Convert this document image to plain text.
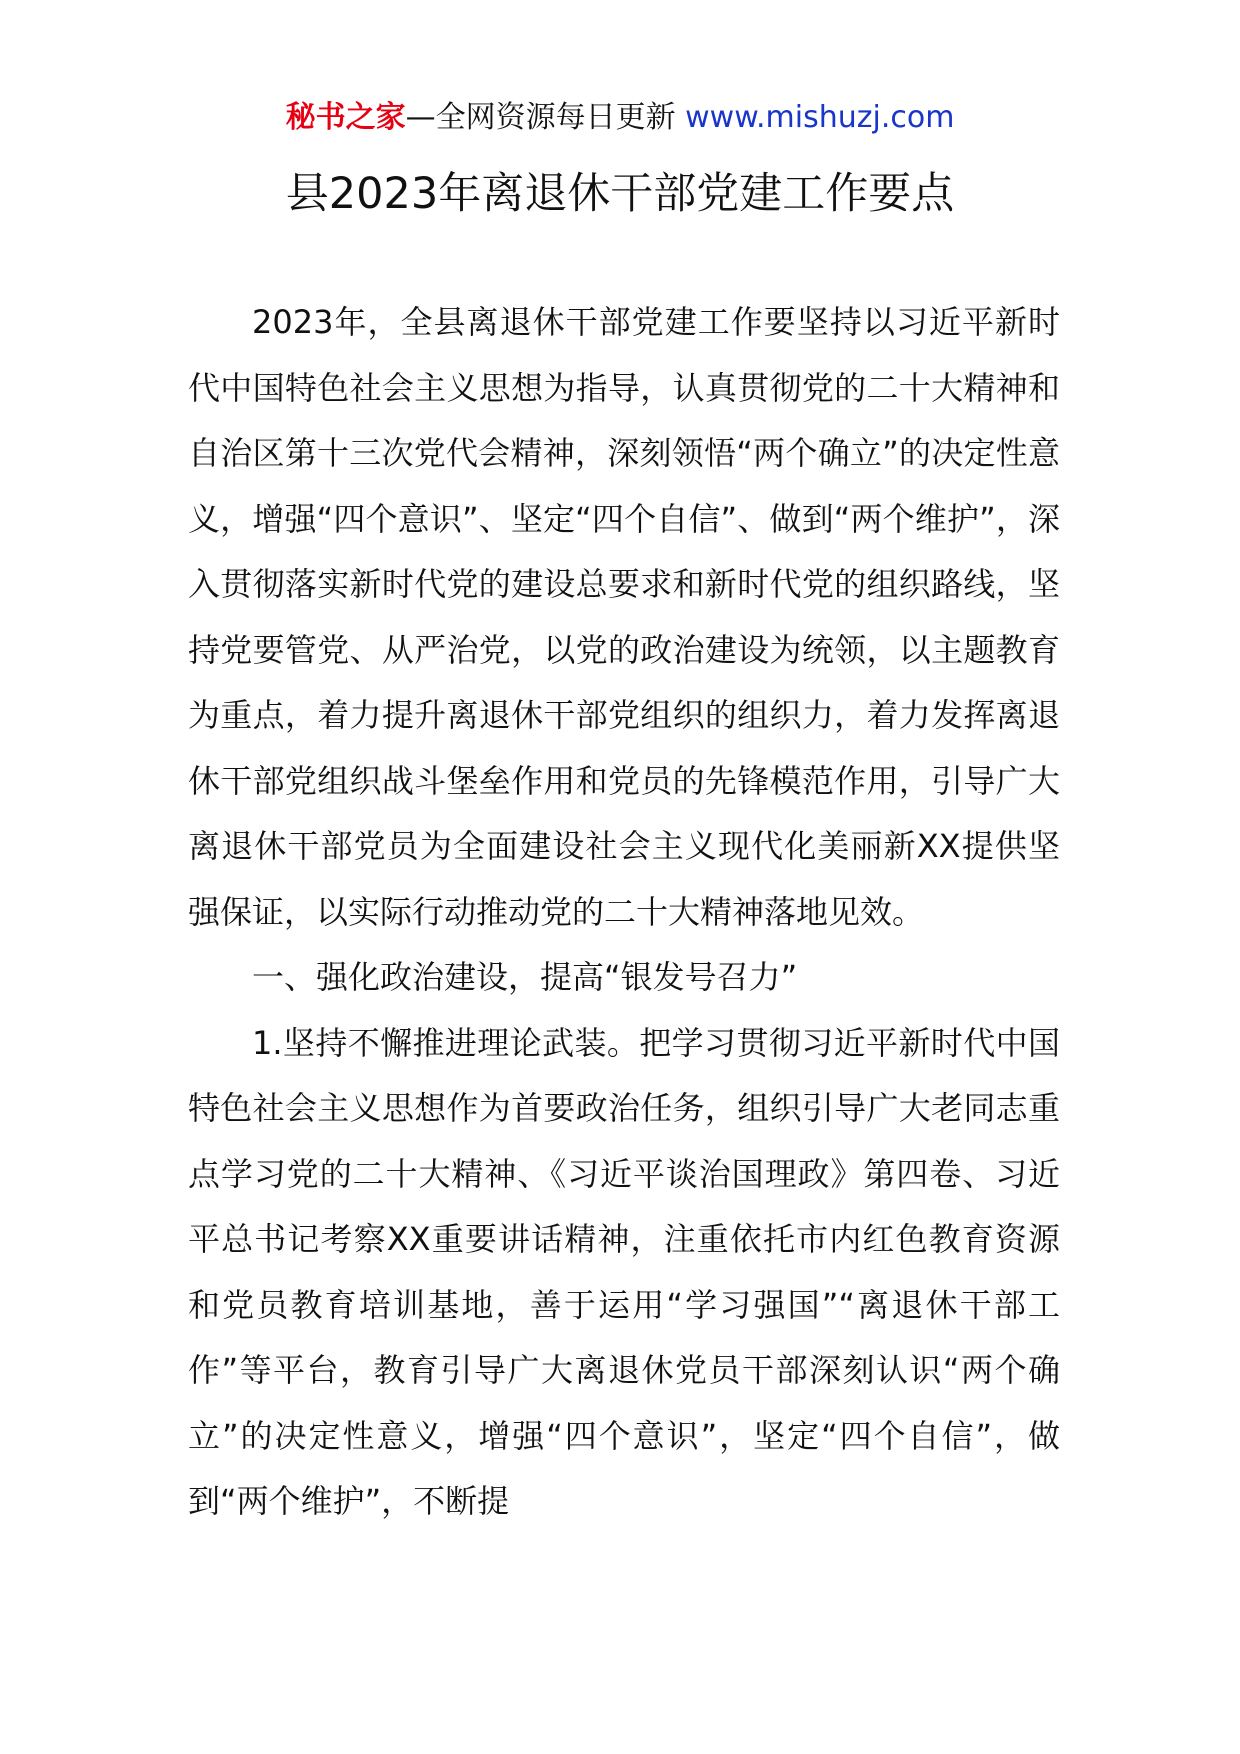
秘书之家—全网资源每日更新 www.mishuzj.com
县2023年离退休干部党建工作要点

2023年，全县离退休干部党建工作要坚持以习近平新时代中国特色社会主义思想为指导，认真贯彻党的二十大精神和自治区第十三次党代会精神，深刻领悟“两个确立”的决定性意义，增强“四个意识”、坚定“四个自信”、做到“两个维护”，深入贯彻落实新时代党的建设总要求和新时代党的组织路线，坚持党要管党、从严治党，以党的政治建设为统领，以主题教育为重点，着力提升离退休干部党组织的组织力，着力发挥离退休干部党组织战斗堡垒作用和党员的先锋模范作用，引导广大离退休干部党员为全面建设社会主义现代化美丽新XX提供坚强保证，以实际行动推动党的二十大精神落地见效。

一、强化政治建设，提高“银发号召力”

1.坚持不懈推进理论武装。把学习贯彻习近平新时代中国特色社会主义思想作为首要政治任务，组织引导广大老同志重点学习党的二十大精神、《习近平谈治国理政》第四卷、习近平总书记考察XX重要讲话精神，注重依托市内红色教育资源和党员教育培训基地，善于运用“学习强国”“离退休干部工作”等平台，教育引导广大离退休党员干部深刻认识“两个确立”的决定性意义，增强“四个意识”，坚定“四个自信”，做到“两个维护”，不断提
